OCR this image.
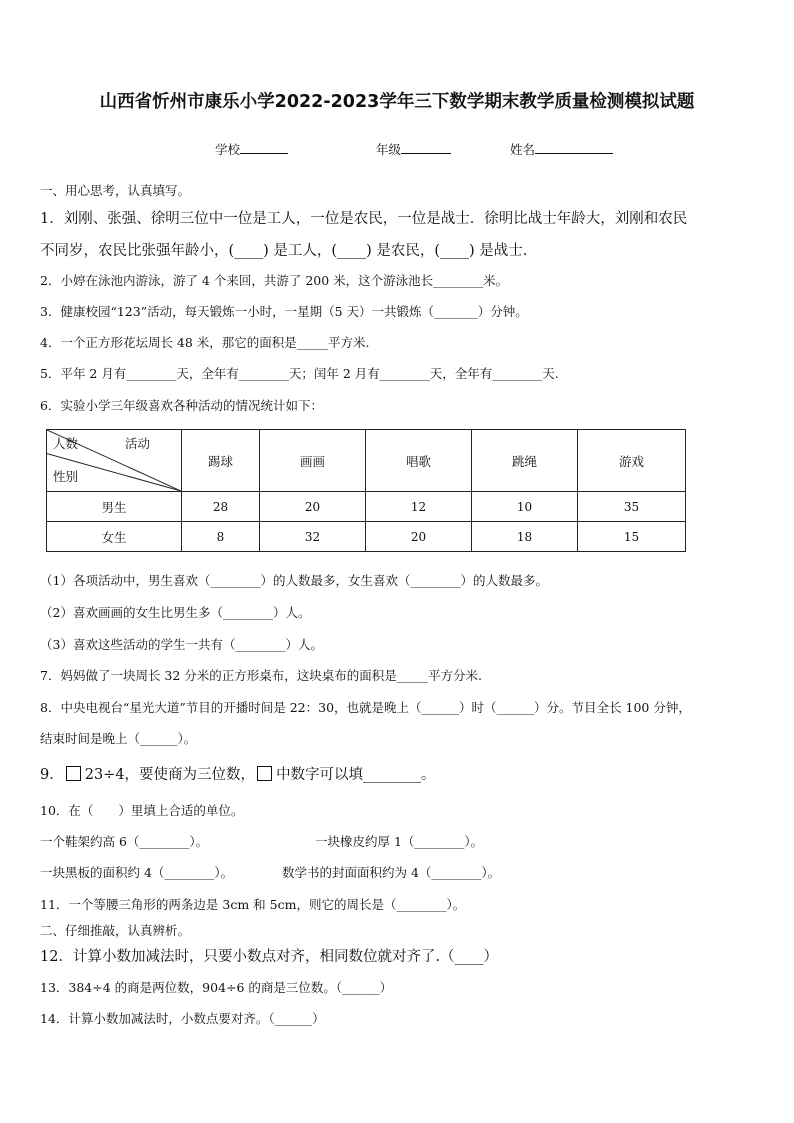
山西省忻州市康乐小学2022-2023学年三下数学期末教学质量检测模拟试题
学校	年级	姓名
一、用心思考，认真填写。
1．刘刚、张强、徐明三位中一位是工人，一位是农民，一位是战士．徐明比战士年龄大，刘刚和农民
不同岁，农民比张强年龄小，(____) 是工人，(____) 是农民，(____) 是战士.
2．小婷在泳池内游泳，游了 4 个来回，共游了 200 米，这个游泳池长________米。
3．健康校园“123”活动，每天锻炼一小时，一星期（5 天）一共锻炼（_______）分钟。
4．一个正方形花坛周长 48 米，那它的面积是_____平方米.
5．平年 2 月有________天，全年有________天；闰年 2 月有________天，全年有________天.
6．实验小学三年级喜欢各种活动的情况统计如下：
人数 活动
性别	踢球	画画	唱歌	跳绳	游戏
男生	28	20	12	10	35
女生	8	32	20	18	15
（1）各项活动中，男生喜欢（________）的人数最多，女生喜欢（________）的人数最多。
（2）喜欢画画的女生比男生多（________）人。
（3）喜欢这些活动的学生一共有（________）人。
7．妈妈做了一块周长 32 分米的正方形桌布，这块桌布的面积是_____平方分米.
8．中央电视台“星光大道”节目的开播时间是 22：30，也就是晚上（______）时（______）分。节目全长 100 分钟，
结束时间是晚上（______）。
9． 23÷4，要使商为三位数， 中数字可以填________。
10．在（　　）里填上合适的单位。
一个鞋架约高 6（________）。	一块橡皮约厚 1（________）。
一块黑板的面积约 4（________）。	数学书的封面面积约为 4（________）。
11．一个等腰三角形的两条边是 3cm 和 5cm，则它的周长是（________）。
二、仔细推敲，认真辨析。
12．计算小数加减法时，只要小数点对齐，相同数位就对齐了.（____）
13．384÷4 的商是两位数，904÷6 的商是三位数。（______）
14．计算小数加减法时，小数点要对齐。（______）
